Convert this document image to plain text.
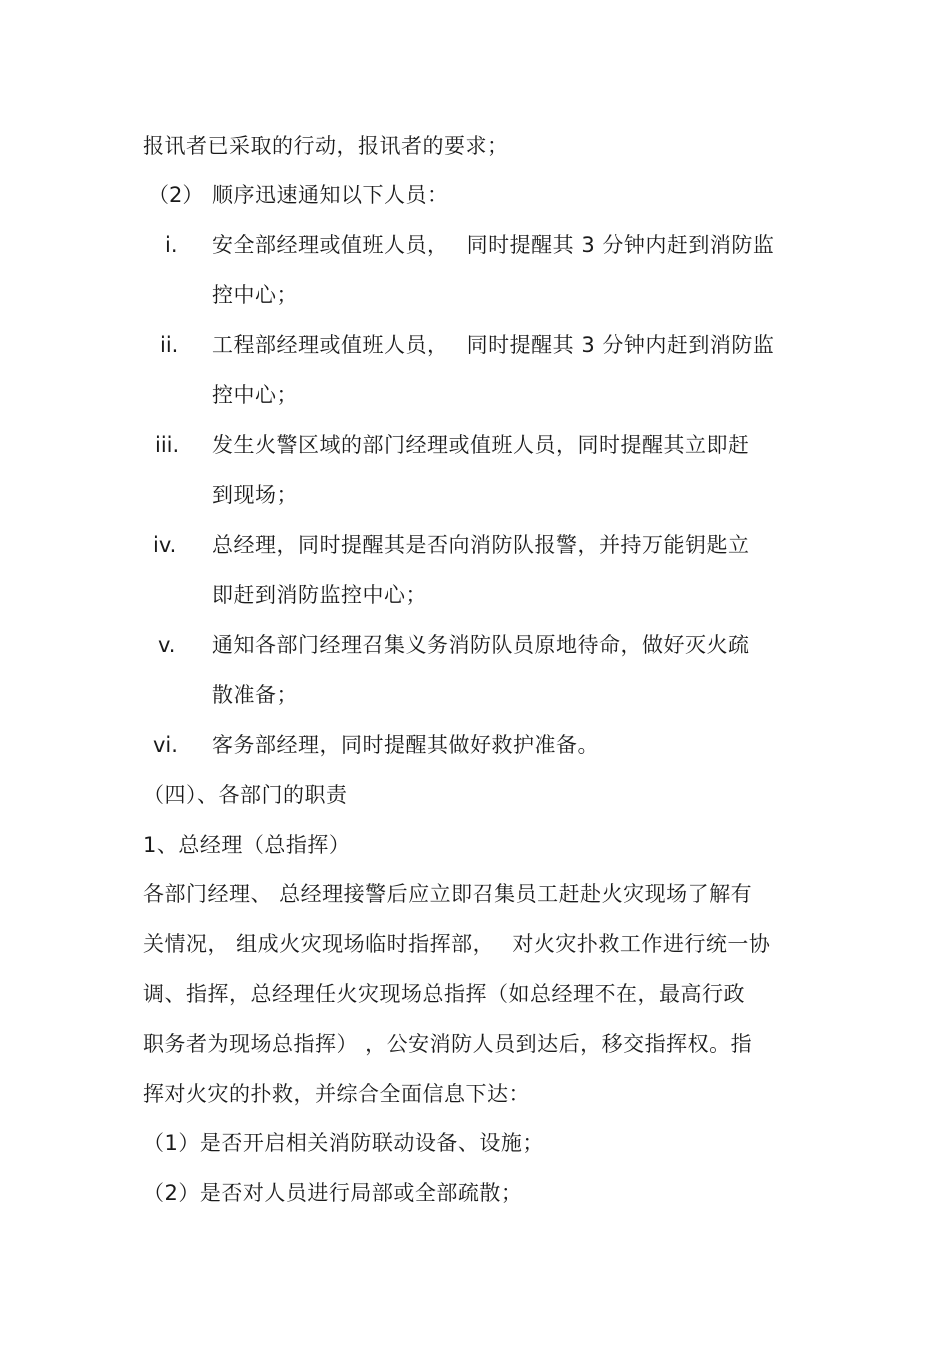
报讯者已采取的行动，报讯者的要求；
（2） 顺序迅速通知以下人员：
i. 安全部经理或值班人员，　 同时提醒其 3 分钟内赶到消防监
控中心；
ii. 工程部经理或值班人员，　 同时提醒其 3 分钟内赶到消防监
控中心；
iii. 发生火警区域的部门经理或值班人员，同时提醒其立即赶
到现场；
iv. 总经理，同时提醒其是否向消防队报警，并持万能钥匙立
即赶到消防监控中心；
v. 通知各部门经理召集义务消防队员原地待命，做好灭火疏
散准备；
vi. 客务部经理，同时提醒其做好救护准备。
（四）、各部门的职责
1、总经理（总指挥）
各部门经理、 总经理接警后应立即召集员工赶赴火灾现场了解有
关情况， 组成火灾现场临时指挥部，　 对火灾扑救工作进行统一协
调、指挥，总经理任火灾现场总指挥（如总经理不在，最高行政
职务者为现场总指挥） ，公安消防人员到达后，移交指挥权。指
挥对火灾的扑救，并综合全面信息下达：
（1）是否开启相关消防联动设备、设施；
（2）是否对人员进行局部或全部疏散；
